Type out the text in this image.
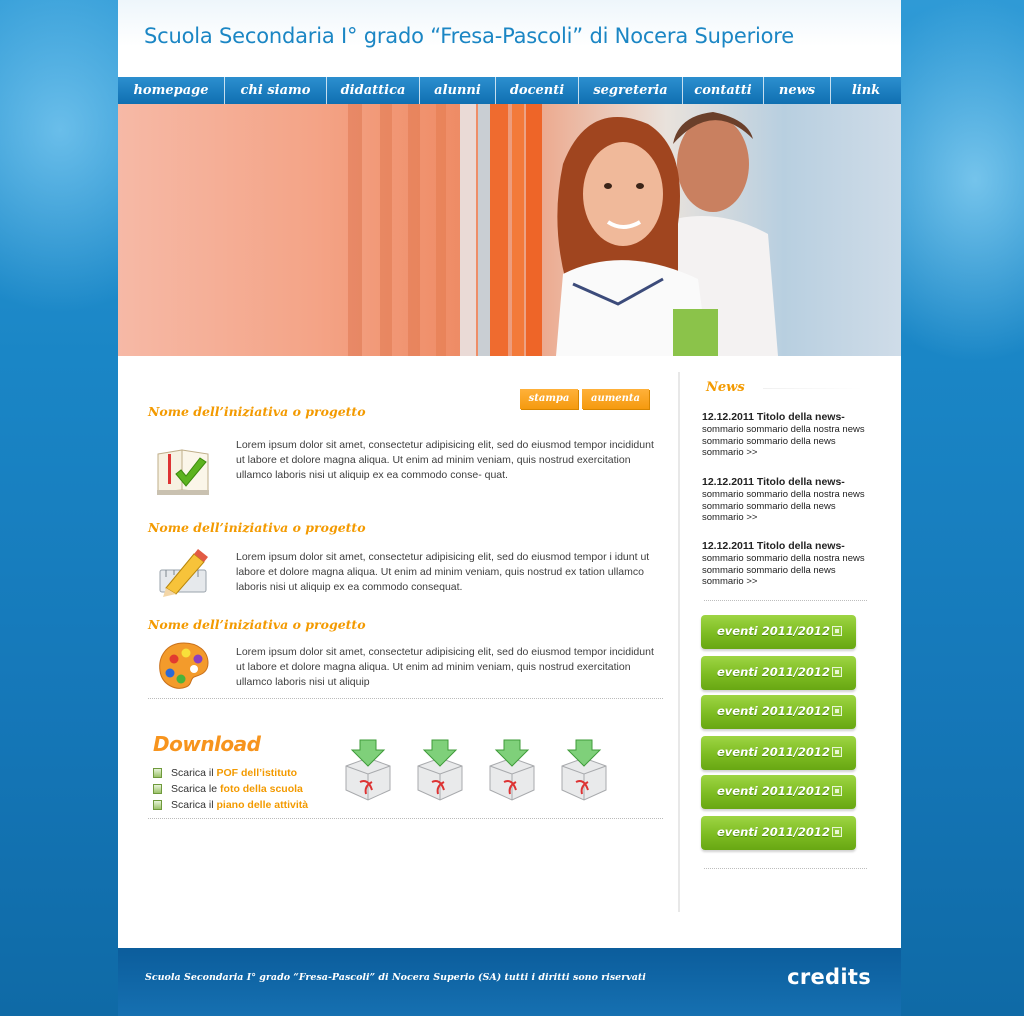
Scuola Secondaria I° grado “Fresa-Pascoli” di Nocera Superiore
homepage	chi siamo	didattica	alunni	docenti	segreteria	contatti	news	link
stampa	aumenta
Nome dell’iniziativa o progetto

Lorem ipsum dolor sit amet, consectetur adipisicing elit, sed do eiusmod tempor incididunt ut labore et dolore magna aliqua. Ut enim ad minim veniam, quis nostrud exercitation ullamco laboris nisi ut aliquip ex ea commodo conse- quat.

Nome dell’iniziativa o progetto

Lorem ipsum dolor sit amet, consectetur adipisicing elit, sed do eiusmod tempor i idunt ut labore et dolore magna aliqua. Ut enim ad minim veniam, quis nostrud ex tation ullamco laboris nisi ut aliquip ex ea commodo consequat.

Nome dell’iniziativa o progetto

Lorem ipsum dolor sit amet, consectetur adipisicing elit, sed do eiusmod tempor incididunt ut labore et dolore magna aliqua. Ut enim ad minim veniam, quis nostrud exercitation ullamco laboris nisi ut aliquip

Download
Scarica il POF dell’istituto
Scarica le foto della scuola
Scarica il piano delle attività
News
12.12.2011 Titolo della news-
sommario sommario della nostra news sommario sommario della news sommario >>
12.12.2011 Titolo della news-
sommario sommario della nostra news sommario sommario della news sommario >>
12.12.2011 Titolo della news-
sommario sommario della nostra news sommario sommario della news sommario >>
eventi 2011/2012
eventi 2011/2012
eventi 2011/2012
eventi 2011/2012
eventi 2011/2012
eventi 2011/2012

Scuola Secondaria I° grado “Fresa-Pascoli” di Nocera Superio (SA) tutti i diritti sono riservati	credits
